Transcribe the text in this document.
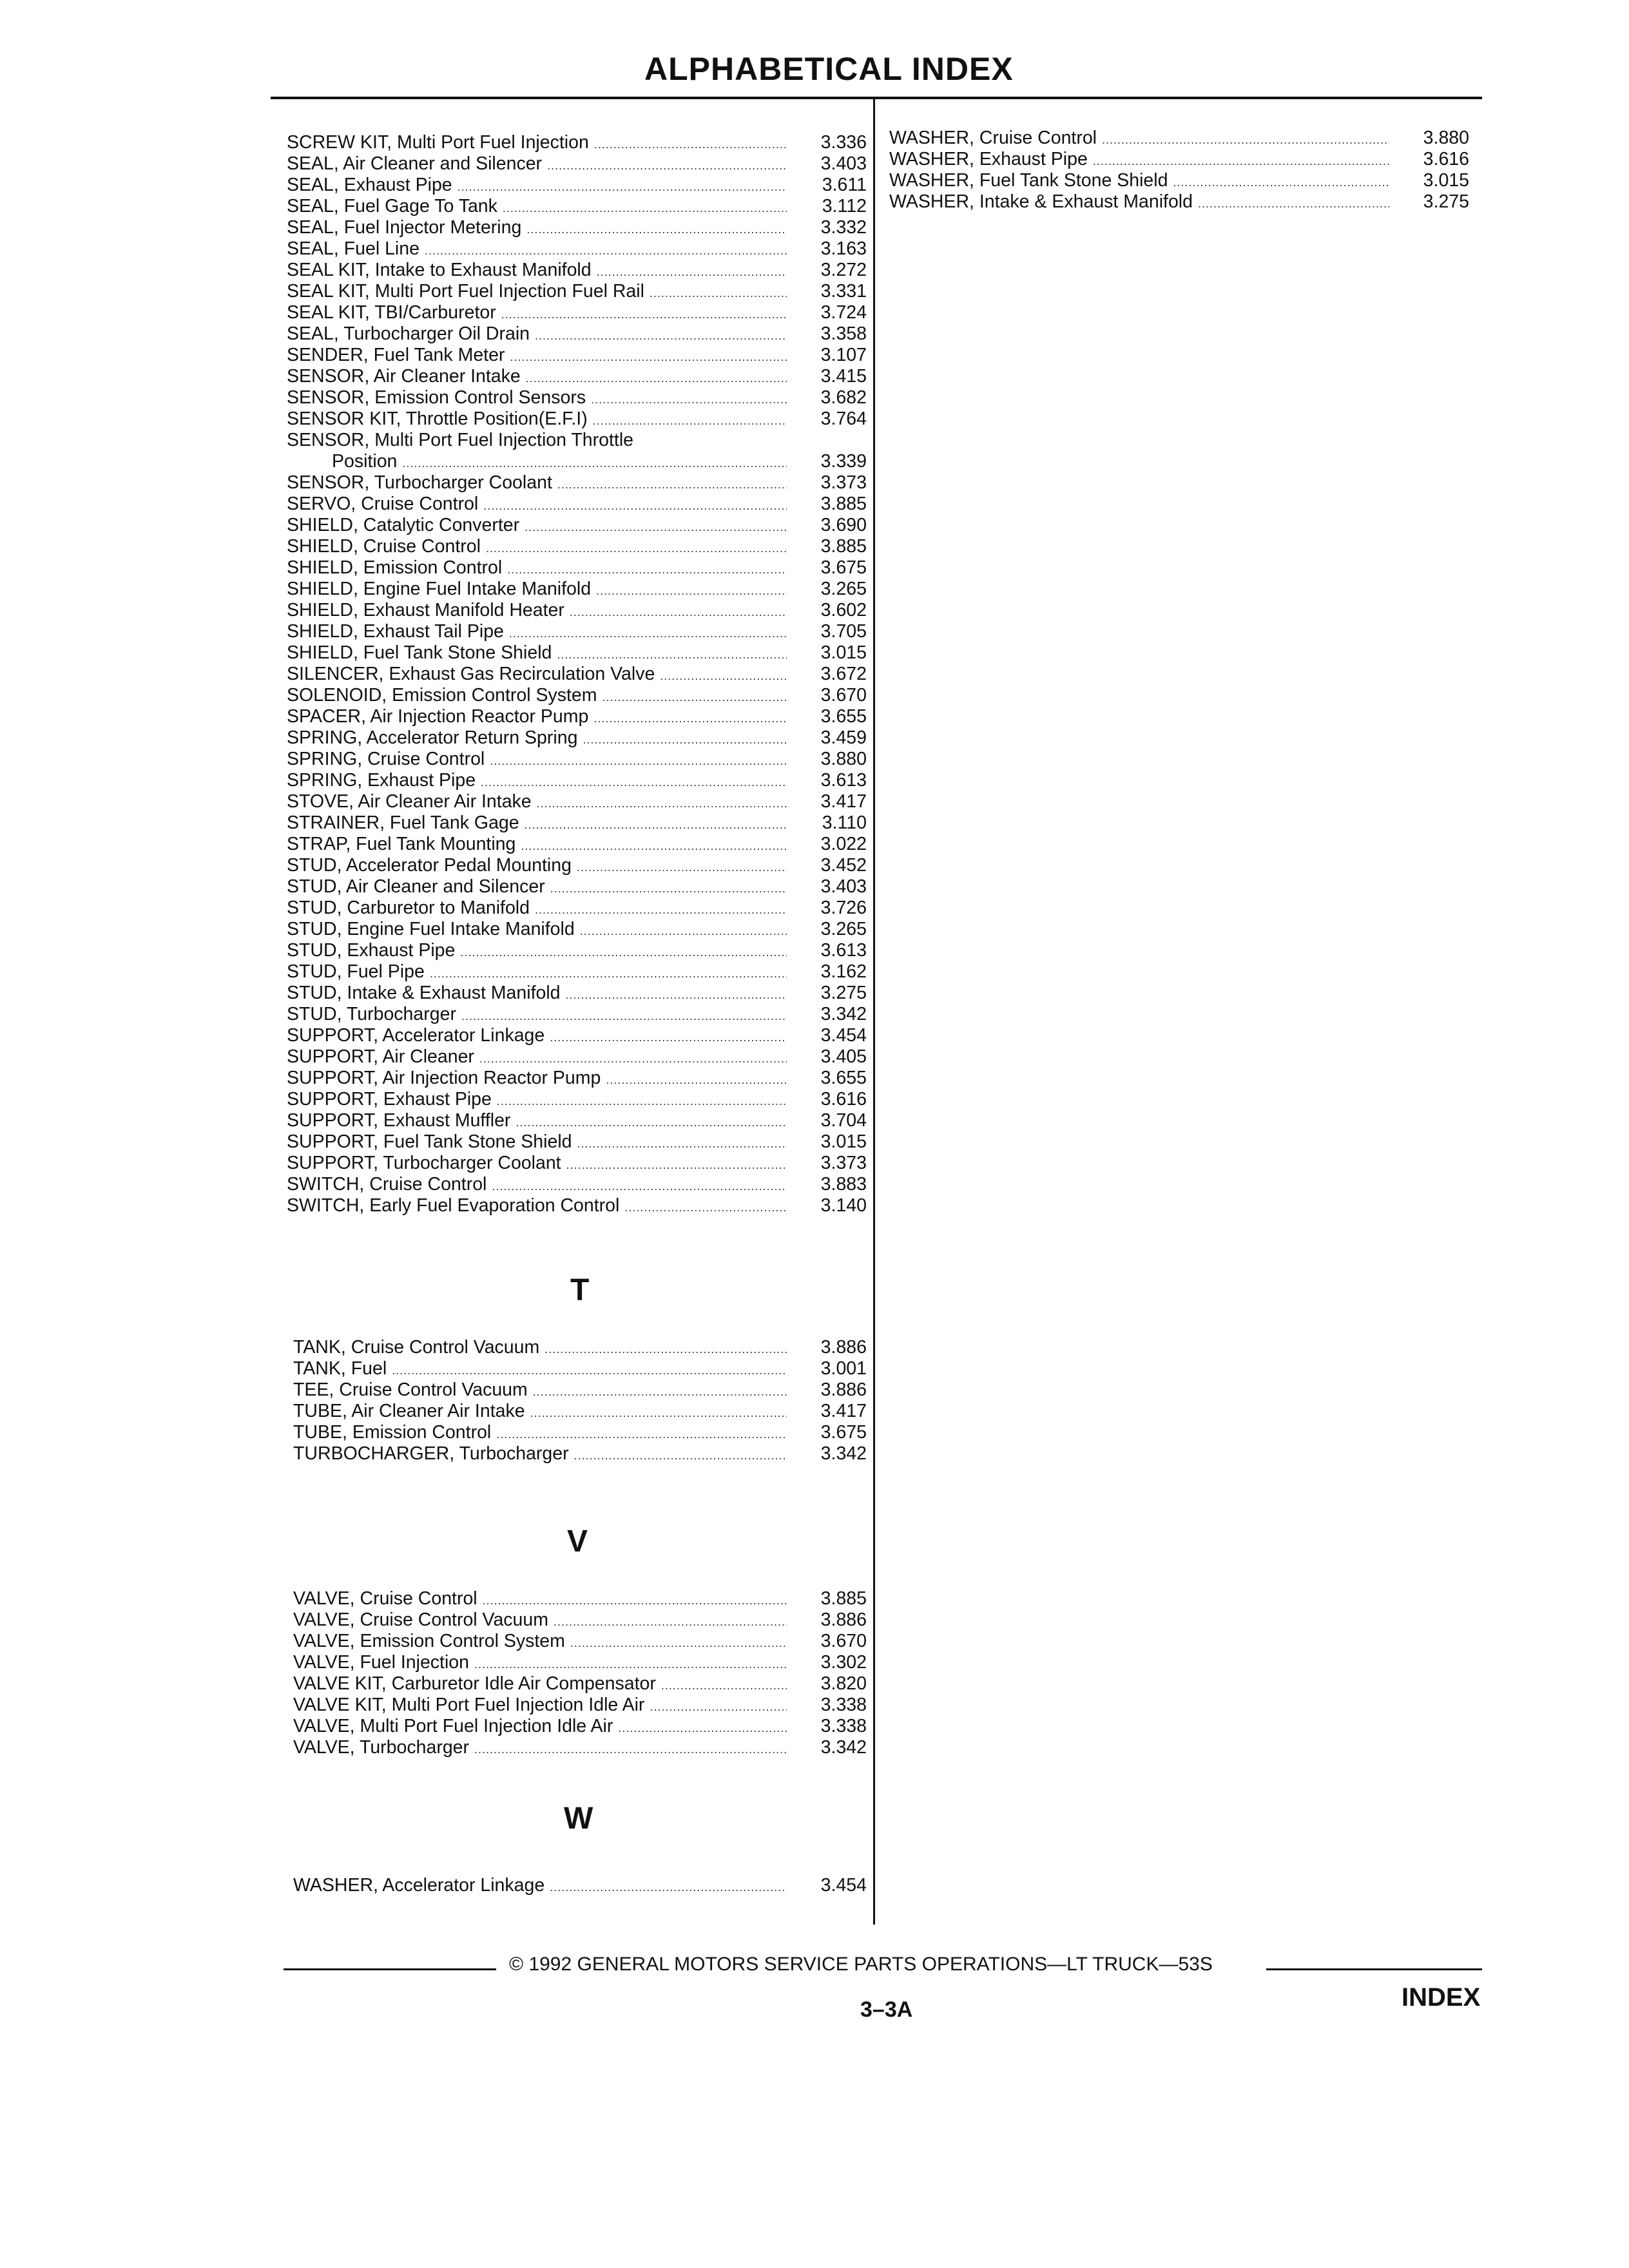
ALPHABETICAL INDEX
SCREW KIT, Multi Port Fuel Injection .....	3.336
SEAL, Air Cleaner and Silencer .....	3.403
SEAL, Exhaust Pipe .....	3.611
SEAL, Fuel Gage To Tank .....	3.112
SEAL, Fuel Injector Metering .....	3.332
SEAL, Fuel Line .....	3.163
SEAL KIT, Intake to Exhaust Manifold .....	3.272
SEAL KIT, Multi Port Fuel Injection Fuel Rail .....	3.331
SEAL KIT, TBI/Carburetor .....	3.724
SEAL, Turbocharger Oil Drain .....	3.358
SENDER, Fuel Tank Meter .....	3.107
SENSOR, Air Cleaner Intake .....	3.415
SENSOR, Emission Control Sensors .....	3.682
SENSOR KIT, Throttle Position(E.F.I) .....	3.764
SENSOR, Multi Port Fuel Injection Throttle
Position .....	3.339
SENSOR, Turbocharger Coolant .....	3.373
SERVO, Cruise Control .....	3.885
SHIELD, Catalytic Converter .....	3.690
SHIELD, Cruise Control .....	3.885
SHIELD, Emission Control .....	3.675
SHIELD, Engine Fuel Intake Manifold .....	3.265
SHIELD, Exhaust Manifold Heater .....	3.602
SHIELD, Exhaust Tail Pipe .....	3.705
SHIELD, Fuel Tank Stone Shield .....	3.015
SILENCER, Exhaust Gas Recirculation Valve .....	3.672
SOLENOID, Emission Control System .....	3.670
SPACER, Air Injection Reactor Pump .....	3.655
SPRING, Accelerator Return Spring .....	3.459
SPRING, Cruise Control .....	3.880
SPRING, Exhaust Pipe .....	3.613
STOVE, Air Cleaner Air Intake .....	3.417
STRAINER, Fuel Tank Gage .....	3.110
STRAP, Fuel Tank Mounting .....	3.022
STUD, Accelerator Pedal Mounting .....	3.452
STUD, Air Cleaner and Silencer .....	3.403
STUD, Carburetor to Manifold .....	3.726
STUD, Engine Fuel Intake Manifold .....	3.265
STUD, Exhaust Pipe .....	3.613
STUD, Fuel Pipe .....	3.162
STUD, Intake & Exhaust Manifold .....	3.275
STUD, Turbocharger .....	3.342
SUPPORT, Accelerator Linkage .....	3.454
SUPPORT, Air Cleaner .....	3.405
SUPPORT, Air Injection Reactor Pump .....	3.655
SUPPORT, Exhaust Pipe .....	3.616
SUPPORT, Exhaust Muffler .....	3.704
SUPPORT, Fuel Tank Stone Shield .....	3.015
SUPPORT, Turbocharger Coolant .....	3.373
SWITCH, Cruise Control .....	3.883
SWITCH, Early Fuel Evaporation Control .....	3.140
T
TANK, Cruise Control Vacuum .....	3.886
TANK, Fuel .....	3.001
TEE, Cruise Control Vacuum .....	3.886
TUBE, Air Cleaner Air Intake .....	3.417
TUBE, Emission Control .....	3.675
TURBOCHARGER, Turbocharger .....	3.342
V
VALVE, Cruise Control .....	3.885
VALVE, Cruise Control Vacuum .....	3.886
VALVE, Emission Control System .....	3.670
VALVE, Fuel Injection .....	3.302
VALVE KIT, Carburetor Idle Air Compensator .....	3.820
VALVE KIT, Multi Port Fuel Injection Idle Air .....	3.338
VALVE, Multi Port Fuel Injection Idle Air .....	3.338
VALVE, Turbocharger .....	3.342
W
WASHER, Accelerator Linkage .....	3.454
WASHER, Cruise Control .....	3.880
WASHER, Exhaust Pipe .....	3.616
WASHER, Fuel Tank Stone Shield .....	3.015
WASHER, Intake & Exhaust Manifold .....	3.275
© 1992 GENERAL MOTORS SERVICE PARTS OPERATIONS—LT TRUCK—53S
3–3A	INDEX
